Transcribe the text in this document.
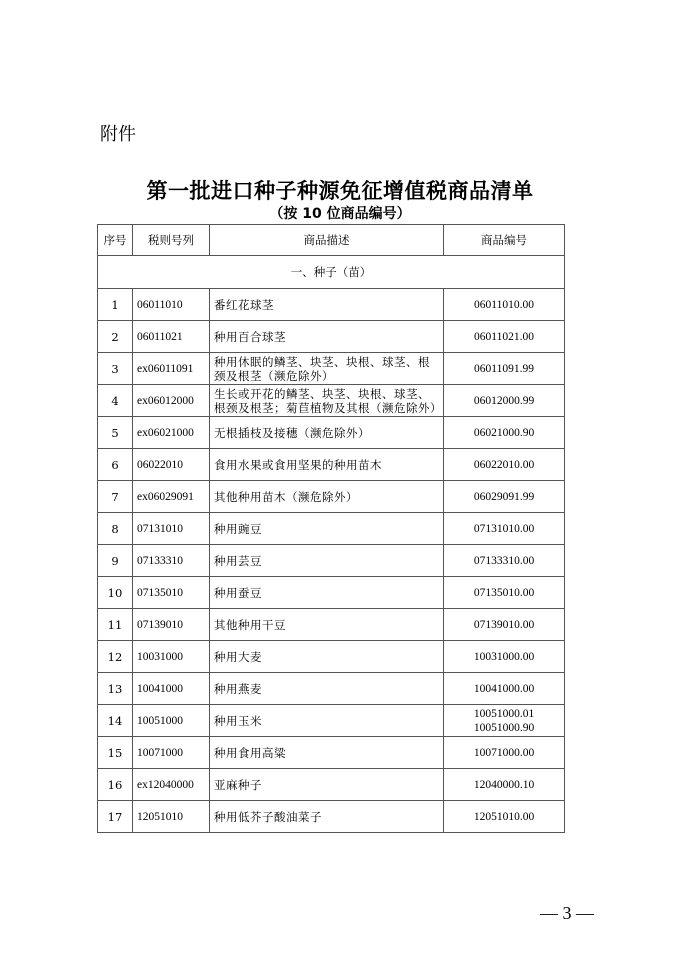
附件
第一批进口种子种源免征增值税商品清单
（按 10 位商品编号）
序号	税则号列	商品描述	商品编号
一、种子（苗）			
1	06011010	番红花球茎	06011010.00

2	06011021	种用百合球茎	06011021.00

3	ex06011091	种用休眠的鳞茎、块茎、块根、球茎、根颈及根茎（濒危除外）	06011091.99

4	ex06012000	生长或开花的鳞茎、块茎、块根、球茎、根颈及根茎；菊苣植物及其根（濒危除外）	06012000.99

5	ex06021000	无根插枝及接穗（濒危除外）	06021000.90

6	06022010	食用水果或食用坚果的种用苗木	06022010.00

7	ex06029091	其他种用苗木（濒危除外）	06029091.99

8	07131010	种用豌豆	07131010.00

9	07133310	种用芸豆	07133310.00

10	07135010	种用蚕豆	07135010.00

11	07139010	其他种用干豆	07139010.00

12	10031000	种用大麦	10031000.00

13	10041000	种用燕麦	10041000.00

14	10051000	种用玉米	10051000.01
10051000.90

15	10071000	种用食用高粱	10071000.00

16	ex12040000	亚麻种子	12040000.10

17	12051010	种用低芥子酸油菜子	12051010.00
— 3 —
